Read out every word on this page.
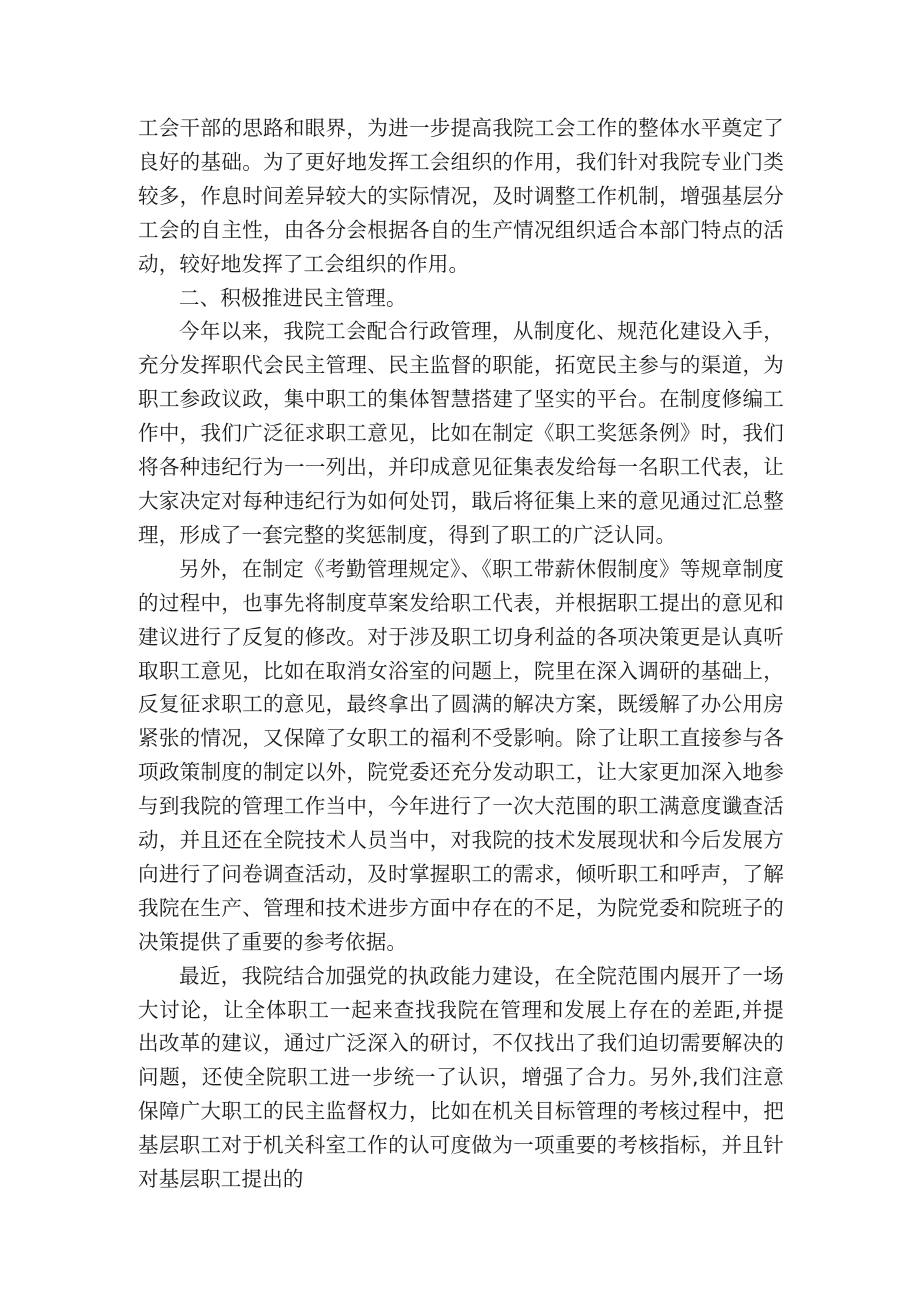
工会干部的思路和眼界，为进一步提高我院工会工作的整体水平奠定了良好的基础。为了更好地发挥工会组织的作用，我们针对我院专业门类较多，作息时间差异较大的实际情况，及时调整工作机制，增强基层分工会的自主性，由各分会根据各自的生产情况组织适合本部门特点的活动，较好地发挥了工会组织的作用。

二、积极推进民主管理。

今年以来，我院工会配合行政管理，从制度化、规范化建设入手，充分发挥职代会民主管理、民主监督的职能，拓宽民主参与的渠道，为职工参政议政，集中职工的集体智慧搭建了坚实的平台。在制度修编工作中，我们广泛征求职工意见，比如在制定《职工奖惩条例》时，我们将各种违纪行为一一列出，并印成意见征集表发给每一名职工代表，让大家决定对每种违纪行为如何处罚，戢后将征集上来的意见通过汇总整理，形成了一套完整的奖惩制度，得到了职工的广泛认同。

另外，在制定《考勤管理规定》、《职工带薪休假制度》等规章制度的过程中，也事先将制度草案发给职工代表，并根据职工提出的意见和建议进行了反复的修改。对于涉及职工切身利益的各项决策更是认真听取职工意见，比如在取消女浴室的问题上，院里在深入调研的基础上，反复征求职工的意见，最终拿出了圆满的解决方案，既缓解了办公用房紧张的情况，又保障了女职工的福利不受影响。除了让职工直接参与各项政策制度的制定以外，院党委还充分发动职工，让大家更加深入地参与到我院的管理工作当中，今年进行了一次大范围的职工满意度谶查活动，并且还在全院技术人员当中，对我院的技术发展现状和今后发展方向进行了问卷调查活动，及时掌握职工的需求，倾听职工和呼声，了解我院在生产、管理和技术进步方面中存在的不足，为院党委和院班子的决策提供了重要的参考依据。

最近，我院结合加强党的执政能力建设，在全院范围内展开了一场大讨论，让全体职工一起来查找我院在管理和发展上存在的差距,并提出改革的建议，通过广泛深入的研讨，不仅找出了我们迫切需要解决的问题，还使全院职工进一步统一了认识，增强了合力。另外,我们注意保障广大职工的民主监督权力，比如在机关目标管理的考核过程中，把基层职工对于机关科室工作的认可度做为一项重要的考核指标，并且针对基层职工提出的
